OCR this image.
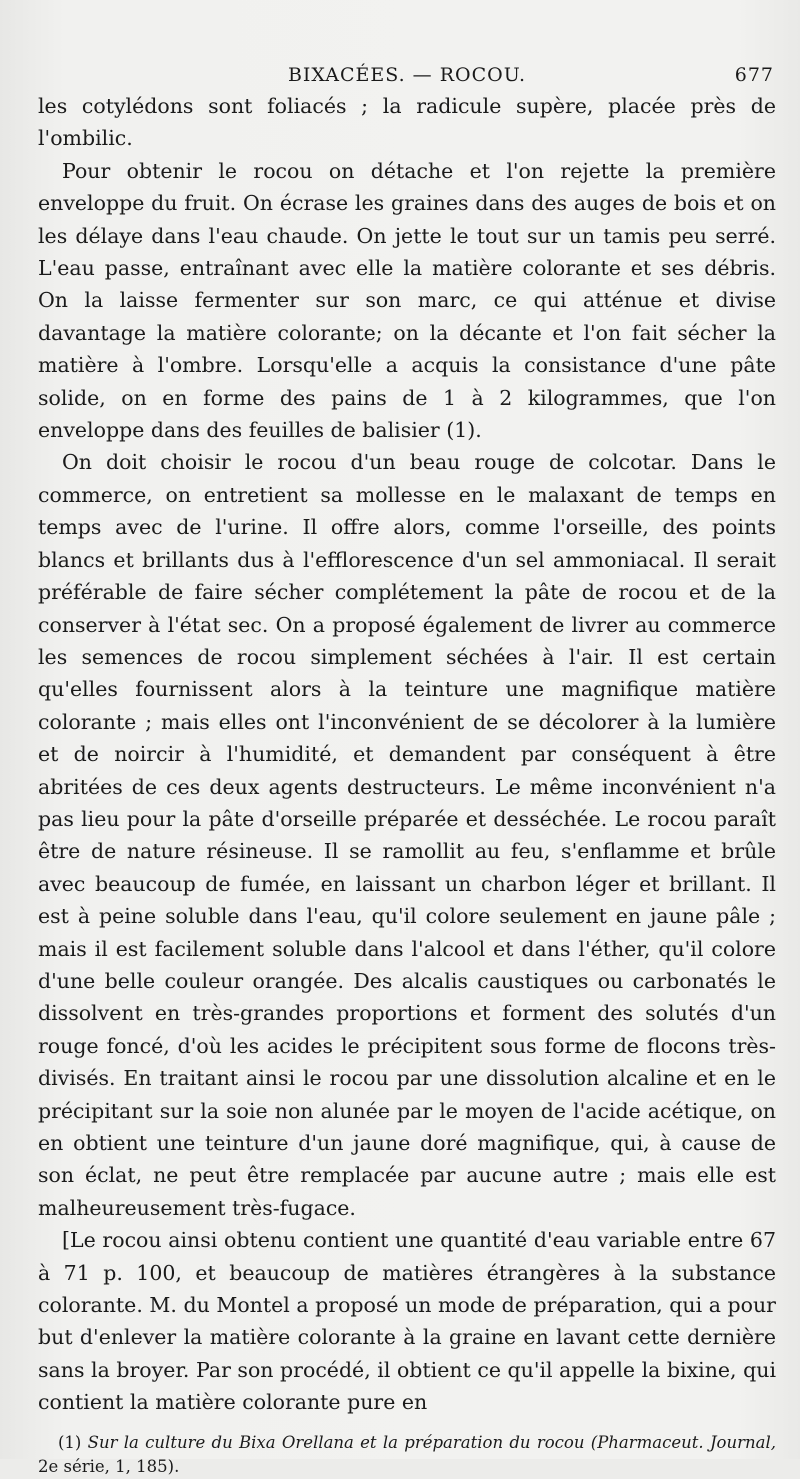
BIXACÉES. — ROCOU.	677

les cotylédons sont foliacés ; la radicule supère, placée près de l'ombilic.

Pour obtenir le rocou on détache et l'on rejette la première enveloppe du fruit. On écrase les graines dans des auges de bois et on les délaye dans l'eau chaude. On jette le tout sur un tamis peu serré. L'eau passe, entraînant avec elle la matière colorante et ses débris. On la laisse fermenter sur son marc, ce qui atténue et divise davantage la matière colorante; on la décante et l'on fait sécher la matière à l'ombre. Lorsqu'elle a acquis la consistance d'une pâte solide, on en forme des pains de 1 à 2 kilogrammes, que l'on enveloppe dans des feuilles de balisier (1).

On doit choisir le rocou d'un beau rouge de colcotar. Dans le commerce, on entretient sa mollesse en le malaxant de temps en temps avec de l'urine. Il offre alors, comme l'orseille, des points blancs et brillants dus à l'efflorescence d'un sel ammoniacal. Il serait préférable de faire sécher complétement la pâte de rocou et de la conserver à l'état sec. On a proposé également de livrer au commerce les semences de rocou simplement séchées à l'air. Il est certain qu'elles fournissent alors à la teinture une magnifique matière colorante ; mais elles ont l'inconvénient de se décolorer à la lumière et de noircir à l'humidité, et demandent par conséquent à être abritées de ces deux agents destructeurs. Le même inconvénient n'a pas lieu pour la pâte d'orseille préparée et desséchée. Le rocou paraît être de nature résineuse. Il se ramollit au feu, s'enflamme et brûle avec beaucoup de fumée, en laissant un charbon léger et brillant. Il est à peine soluble dans l'eau, qu'il colore seulement en jaune pâle ; mais il est facilement soluble dans l'alcool et dans l'éther, qu'il colore d'une belle couleur orangée. Des alcalis caustiques ou carbonatés le dissolvent en très-grandes proportions et forment des solutés d'un rouge foncé, d'où les acides le précipitent sous forme de flocons très-divisés. En traitant ainsi le rocou par une dissolution alcaline et en le précipitant sur la soie non alunée par le moyen de l'acide acétique, on en obtient une teinture d'un jaune doré magnifique, qui, à cause de son éclat, ne peut être remplacée par aucune autre ; mais elle est malheureusement très-fugace.

[Le rocou ainsi obtenu contient une quantité d'eau variable entre 67 à 71 p. 100, et beaucoup de matières étrangères à la substance colorante. M. du Montel a proposé un mode de préparation, qui a pour but d'enlever la matière colorante à la graine en lavant cette dernière sans la broyer. Par son procédé, il obtient ce qu'il appelle la bixine, qui contient la matière colorante pure en

(1) Sur la culture du Bixa Orellana et la préparation du rocou (Pharmaceut. Journal, 2e série, 1, 185).
